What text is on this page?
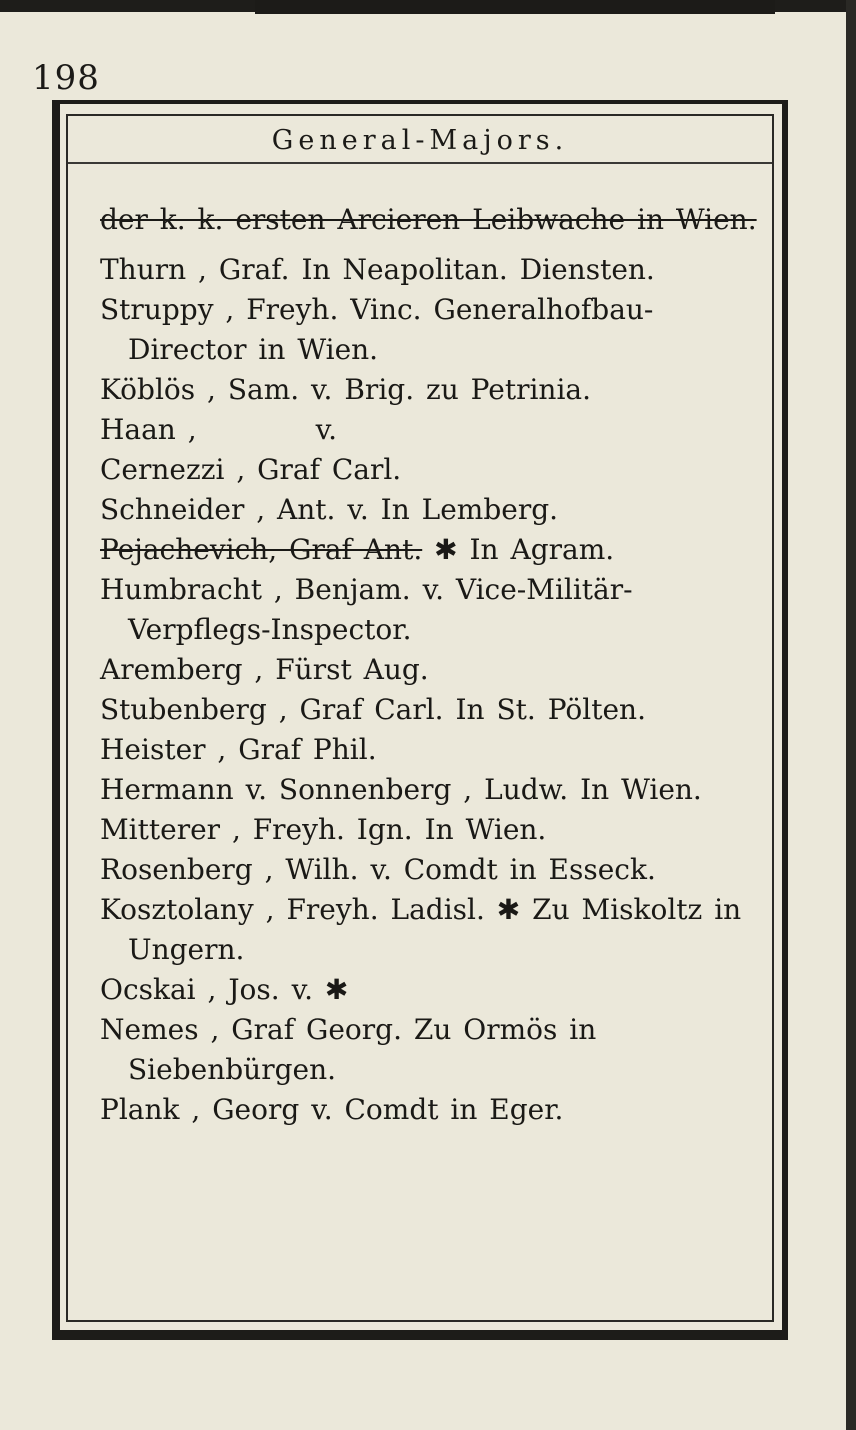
198
General-Majors.

der k. k. ersten Arcieren Leibwache in Wien.

Thurn , Graf. In Neapolitan. Diensten.

Struppy , Freyh. Vinc. Generalhofbau-Director in Wien.

Köblös , Sam. v. Brig. zu Petrinia.

Haan ,          v.

Cernezzi , Graf Carl.

Schneider , Ant. v. In Lemberg.

Pejachevich, Graf Ant. ✱ In Agram.

Humbracht , Benjam. v. Vice-Militär-Verpflegs-Inspector.

Aremberg , Fürst Aug.

Stubenberg , Graf Carl. In St. Pölten.

Heister , Graf Phil.

Hermann v. Sonnenberg , Ludw. In Wien.

Mitterer , Freyh. Ign. In Wien.

Rosenberg , Wilh. v. Comdt in Esseck.

Kosztolany , Freyh. Ladisl. ✱ Zu Miskoltz in Ungern.

Ocskai , Jos. v. ✱

Nemes , Graf Georg. Zu Ormös in Siebenbürgen.

Plank , Georg v. Comdt in Eger.
